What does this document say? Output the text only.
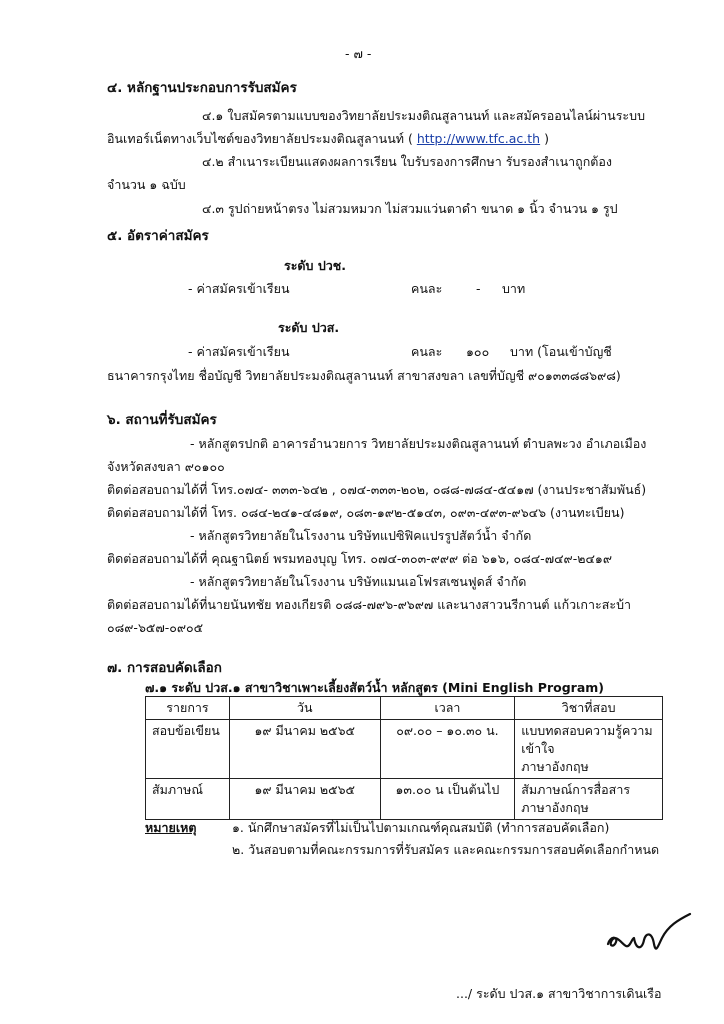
- ๗ -
๔. หลักฐานประกอบการรับสมัคร
๔.๑ ใบสมัครตามแบบของวิทยาลัยประมงติณสูลานนท์ และสมัครออนไลน์ผ่านระบบ
อินเทอร์เน็ตทางเว็บไซต์ของวิทยาลัยประมงติณสูลานนท์ ( http://www.tfc.ac.th )
๔.๒ สำเนาระเบียนแสดงผลการเรียน ใบรับรองการศึกษา รับรองสำเนาถูกต้อง
จำนวน ๑ ฉบับ
๔.๓ รูปถ่ายหน้าตรง ไม่สวมหมวก ไม่สวมแว่นตาดำ ขนาด ๑ นิ้ว จำนวน ๑ รูป
๕. อัตราค่าสมัคร
ระดับ ปวช.
- ค่าสมัครเข้าเรียน	คนละ	- บาท
ระดับ ปวส.
- ค่าสมัครเข้าเรียน	คนละ ๑๐๐ บาท (โอนเข้าบัญชี
ธนาคารกรุงไทย ชื่อบัญชี วิทยาลัยประมงติณสูลานนท์ สาขาสงขลา เลขที่บัญชี ๙๐๑๓๓๘๘๖๙๘)
๖. สถานที่รับสมัคร
- หลักสูตรปกติ อาคารอำนวยการ วิทยาลัยประมงติณสูลานนท์ ตำบลพะวง อำเภอเมือง
จังหวัดสงขลา ๙๐๑๐๐
ติดต่อสอบถามได้ที่ โทร.๐๗๔- ๓๓๓-๖๔๒ , ๐๗๔-๓๓๓-๒๐๒, ๐๘๘-๗๘๔-๕๔๑๗ (งานประชาสัมพันธ์)
ติดต่อสอบถามได้ที่ โทร. ๐๘๔-๒๔๑-๔๘๑๙, ๐๘๓-๑๙๒-๕๑๔๓, ๐๙๓-๔๙๓-๙๖๔๖ (งานทะเบียน)
- หลักสูตรวิทยาลัยในโรงงาน บริษัทแปซิฟิคแปรรูปสัตว์น้ำ จำกัด
ติดต่อสอบถามได้ที่ คุณฐานิตย์ พรมทองบุญ โทร. ๐๗๔-๓๐๓-๙๙๙ ต่อ ๖๑๖, ๐๘๔-๗๔๙-๒๔๑๙
- หลักสูตรวิทยาลัยในโรงงาน บริษัทแมนเอโฟรสเซนฟูดส์ จำกัด
ติดต่อสอบถามได้ที่นายนันทชัย ทองเกียรติ ๐๘๘-๗๙๖-๙๖๙๗ และนางสาวนรีกานต์ แก้วเกาะสะบ้า
๐๘๙-๖๕๗-๐๙๐๕
๗. การสอบคัดเลือก
๗.๑ ระดับ ปวส.๑ สาขาวิชาเพาะเลี้ยงสัตว์น้ำ หลักสูตร (Mini English Program)
รายการ	วัน	เวลา	วิชาที่สอบ
สอบข้อเขียน	๑๙ มีนาคม ๒๕๖๕	๐๙.๐๐ – ๑๐.๓๐ น.	แบบทดสอบความรู้ความเข้าใจ
ภาษาอังกฤษ

สัมภาษณ์	๑๙ มีนาคม ๒๕๖๕	๑๓.๐๐ น เป็นต้นไป	สัมภาษณ์การสื่อสาร
ภาษาอังกฤษ
หมายเหตุ	๑. นักศึกษาสมัครที่ไม่เป็นไปตามเกณฑ์คุณสมบัติ (ทำการสอบคัดเลือก)
๒. วันสอบตามที่คณะกรรมการที่รับสมัคร และคณะกรรมการสอบคัดเลือกกำหนด
.../ ระดับ ปวส.๑ สาขาวิชาการเดินเรือ
